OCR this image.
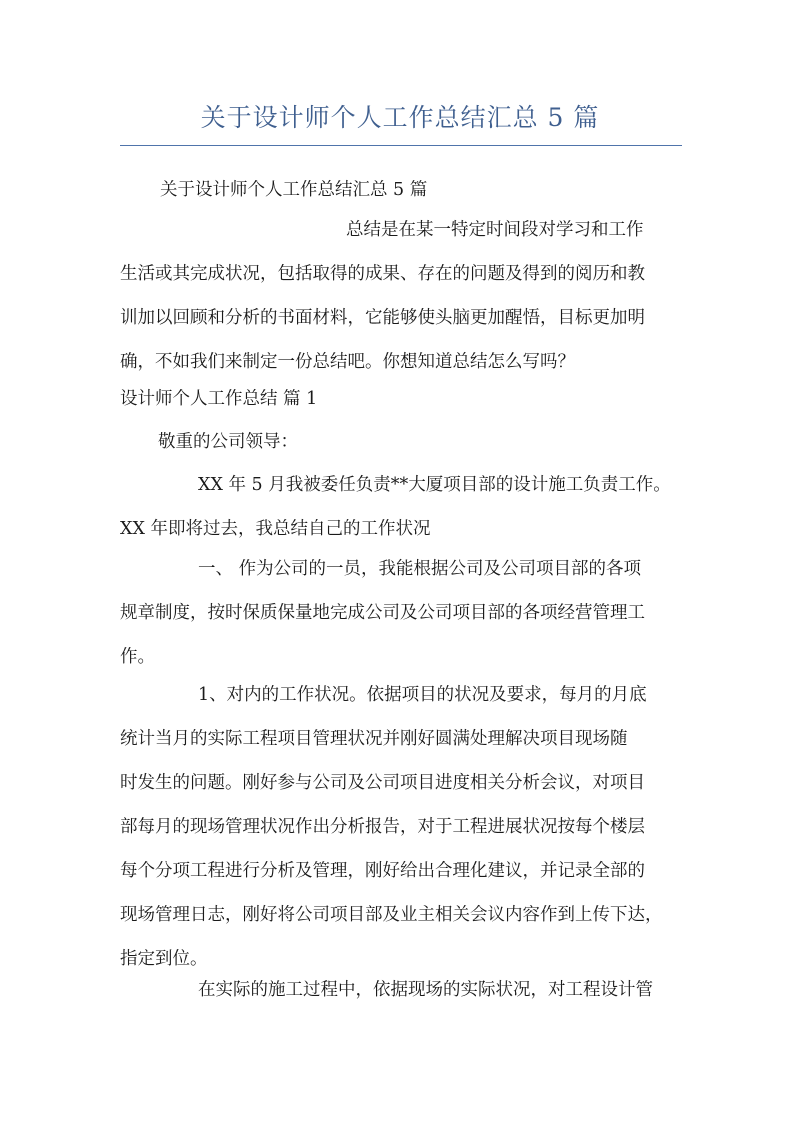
关于设计师个人工作总结汇总 5 篇
关于设计师个人工作总结汇总 5 篇
总结是在某一特定时间段对学习和工作
生活或其完成状况，包括取得的成果、存在的问题及得到的阅历和教
训加以回顾和分析的书面材料，它能够使头脑更加醒悟，目标更加明
确，不如我们来制定一份总结吧。你想知道总结怎么写吗？
设计师个人工作总结 篇 1
敬重的公司领导：
XX 年 5 月我被委任负责**大厦项目部的设计施工负责工作。
XX 年即将过去，我总结自己的工作状况
一、 作为公司的一员，我能根据公司及公司项目部的各项
规章制度，按时保质保量地完成公司及公司项目部的各项经营管理工
作。
1、对内的工作状况。依据项目的状况及要求，每月的月底
统计当月的实际工程项目管理状况并刚好圆满处理解决项目现场随
时发生的问题。刚好参与公司及公司项目进度相关分析会议，对项目
部每月的现场管理状况作出分析报告，对于工程进展状况按每个楼层
每个分项工程进行分析及管理，刚好给出合理化建议，并记录全部的
现场管理日志，刚好将公司项目部及业主相关会议内容作到上传下达，
指定到位。
在实际的施工过程中，依据现场的实际状况，对工程设计管
